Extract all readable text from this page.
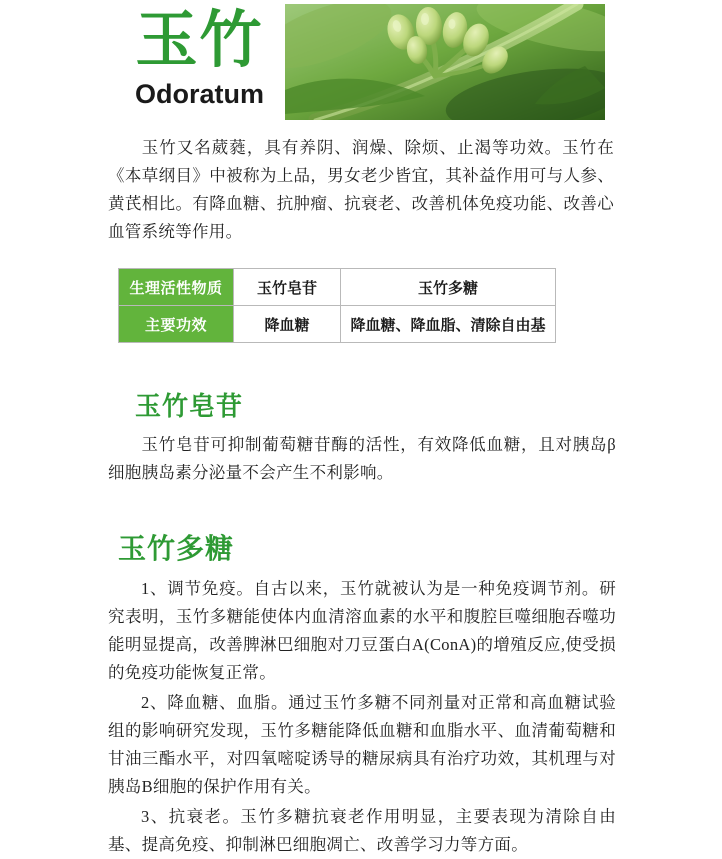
玉竹
Odoratum
玉竹又名葳蕤，具有养阴、润燥、除烦、止渴等功效。玉竹在《本草纲目》中被称为上品，男女老少皆宜，其补益作用可与人参、黄芪相比。有降血糖、抗肿瘤、抗衰老、改善机体免疫功能、改善心血管系统等作用。
生理活性物质	玉竹皂苷	玉竹多糖
主要功效	降血糖	降血糖、降血脂、清除自由基
玉竹皂苷
玉竹皂苷可抑制葡萄糖苷酶的活性，有效降低血糖，且对胰岛β细胞胰岛素分泌量不会产生不利影响。
玉竹多糖
1、调节免疫。自古以来，玉竹就被认为是一种免疫调节剂。研究表明，玉竹多糖能使体内血清溶血素的水平和腹腔巨噬细胞吞噬功能明显提高，改善脾淋巴细胞对刀豆蛋白A(ConA)的增殖反应,使受损的免疫功能恢复正常。
2、降血糖、血脂。通过玉竹多糖不同剂量对正常和高血糖试验组的影响研究发现，玉竹多糖能降低血糖和血脂水平、血清葡萄糖和甘油三酯水平，对四氧嘧啶诱导的糖尿病具有治疗功效，其机理与对胰岛B细胞的保护作用有关。
3、抗衰老。玉竹多糖抗衰老作用明显，主要表现为清除自由基、提高免疫、抑制淋巴细胞凋亡、改善学习力等方面。
